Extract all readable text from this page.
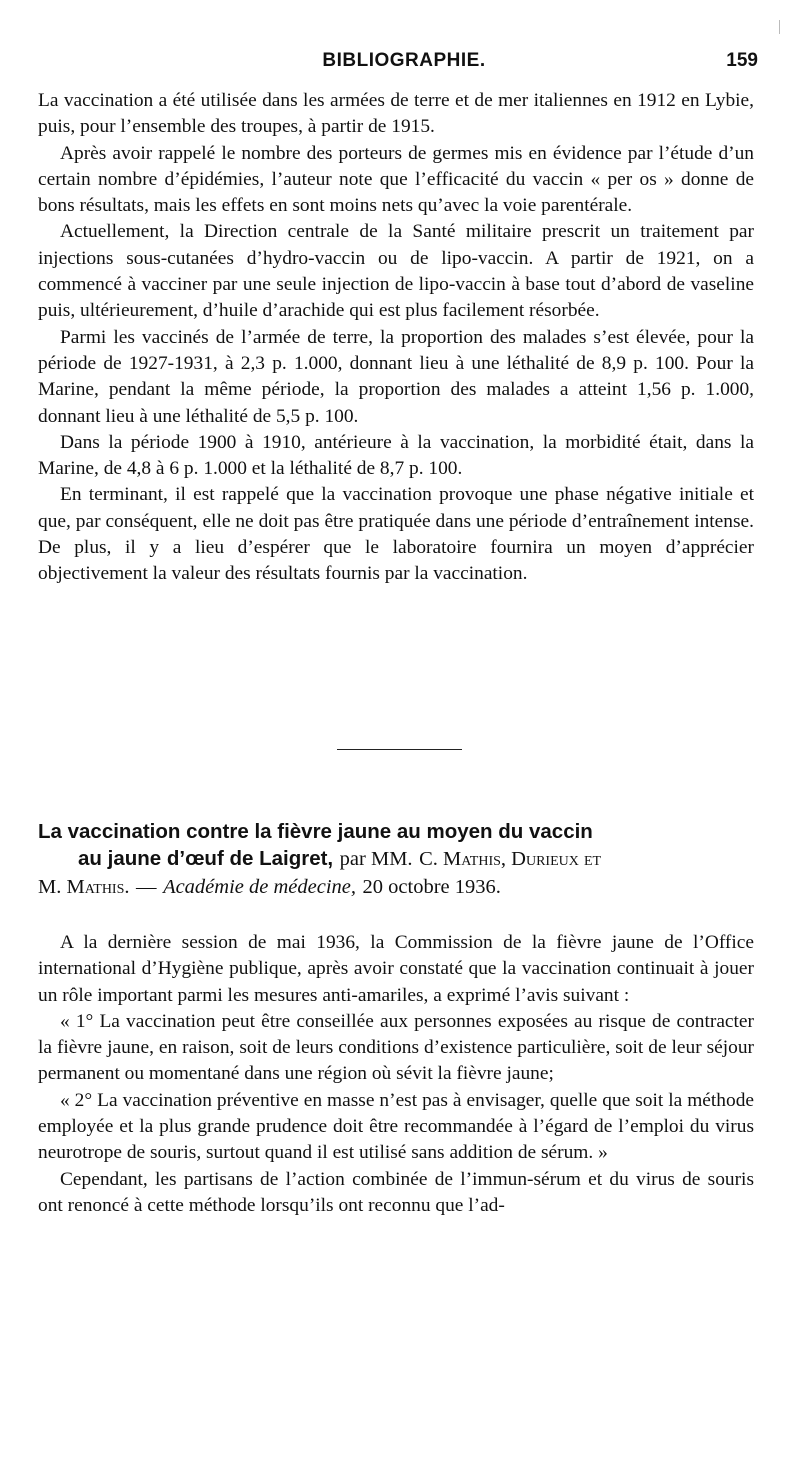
BIBLIOGRAPHIE.	159

La vaccination a été utilisée dans les armées de terre et de mer italiennes en 1912 en Lybie, puis, pour l’ensemble des troupes, à partir de 1915.

Après avoir rappelé le nombre des porteurs de germes mis en évidence par l’étude d’un certain nombre d’épidémies, l’auteur note que l’efficacité du vaccin « per os » donne de bons résultats, mais les effets en sont moins nets qu’avec la voie parentérale.

Actuellement, la Direction centrale de la Santé militaire prescrit un traitement par injections sous-cutanées d’hydro-vaccin ou de lipo-vaccin. A partir de 1921, on a commencé à vacciner par une seule injection de lipo-vaccin à base tout d’abord de vaseline puis, ultérieurement, d’huile d’arachide qui est plus facilement résorbée.

Parmi les vaccinés de l’armée de terre, la proportion des malades s’est élevée, pour la période de 1927-1931, à 2,3 p. 1.000, donnant lieu à une léthalité de 8,9 p. 100. Pour la Marine, pendant la même période, la proportion des malades a atteint 1,56 p. 1.000, donnant lieu à une léthalité de 5,5 p. 100.

Dans la période 1900 à 1910, antérieure à la vaccination, la morbidité était, dans la Marine, de 4,8 à 6 p. 1.000 et la léthalité de 8,7 p. 100.

En terminant, il est rappelé que la vaccination provoque une phase négative initiale et que, par conséquent, elle ne doit pas être pratiquée dans une période d’entraînement intense. De plus, il y a lieu d’espérer que le laboratoire fournira un moyen d’apprécier objectivement la valeur des résultats fournis par la vaccination.

La vaccination contre la fièvre jaune au moyen du vaccin

au jaune d’œuf de Laigret, par MM. C. Mathis, Durieux et

M. Mathis. — Académie de médecine, 20 octobre 1936.

A la dernière session de mai 1936, la Commission de la fièvre jaune de l’Office international d’Hygiène publique, après avoir constaté que la vaccination continuait à jouer un rôle important parmi les mesures anti-amariles, a exprimé l’avis suivant :

« 1° La vaccination peut être conseillée aux personnes exposées au risque de contracter la fièvre jaune, en raison, soit de leurs conditions d’existence particulière, soit de leur séjour permanent ou momentané dans une région où sévit la fièvre jaune;

« 2° La vaccination préventive en masse n’est pas à envisager, quelle que soit la méthode employée et la plus grande prudence doit être recommandée à l’égard de l’emploi du virus neurotrope de souris, surtout quand il est utilisé sans addition de sérum. »

Cependant, les partisans de l’action combinée de l’immun-sérum et du virus de souris ont renoncé à cette méthode lorsqu’ils ont reconnu que l’ad-
